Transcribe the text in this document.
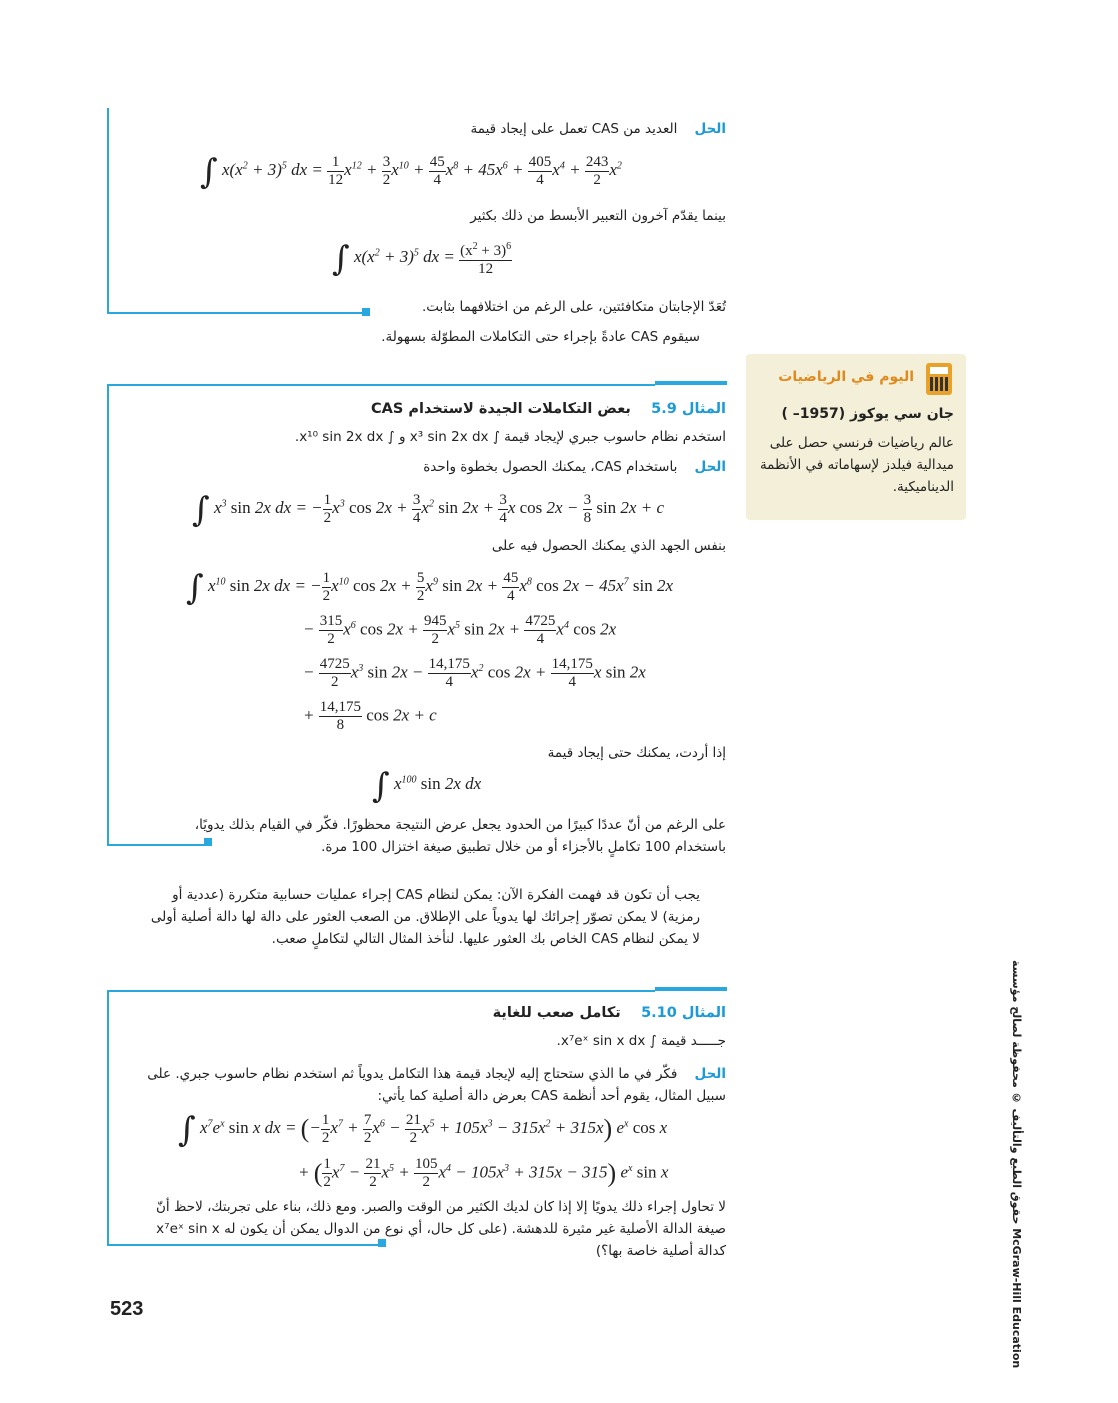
الحل    العديد من CAS تعمل على إيجاد قيمة
∫ $x(x^2 + 3)^5$ dx = $\frac{1}{12} x^{12} + \frac{3}{2} x^{10} + \frac{45}{4} x^8 + 45x^6 + \frac{405}{4} x^4 + \frac{243}{2} x^2$
بينما يقدّم آخرون التعبير الأبسط من ذلك بكثير
∫ $x(x^2 + 3)^5$ dx = $\frac{(x^2 + 3)^6}{12}$
تُعَدّ الإجابتان متكافئتين، على الرغم من اختلافهما بثابت.
سيقوم CAS عادةً بإجراء حتى التكاملات المطوّلة بسهولة.
اليوم في الرياضيات
جان سي يوكوز (1957– )
عالم رياضيات فرنسي حصل على ميدالية فيلدز لإسهاماته في الأنظمة الديناميكية.
المثال 5.9    بعض التكاملات الجيدة لاستخدام CAS
استخدم نظام حاسوب جبري لإيجاد قيمة ∫ x³ sin 2x dx و ∫ x¹⁰ sin 2x dx.
الحل    باستخدام CAS، يمكنك الحصول بخطوة واحدة
∫ $x^3$ sin 2x dx = − $\frac{1}{2} x^3$ $\cos 2x + \frac{3}{4} x^2$ $\sin 2x + \frac{3}{4}$ x $\cos 2x - \frac{3}{8}$ sin 2x + c
بنفس الجهد الذي يمكنك الحصول فيه على
∫ $x^{10}$ sin 2x dx = − $\frac{1}{2} x^{10}$ $\cos 2x + \frac{5}{2} x^9$ $\sin 2x + \frac{45}{4} x^8$ $\cos 2x - 45x^7$ sin 2x
− $\frac{315}{2} x^6$ $\cos 2x + \frac{945}{2} x^5$ $\sin 2x + \frac{4725}{4} x^4$ cos 2x
− $\frac{4725}{2} x^3$ $\sin 2x - \frac{14,175}{4} x^2$ $\cos 2x + \frac{14,175}{4}$ x sin 2x
+ $\frac{14,175}{8}$ cos 2x + c
إذا أردت، يمكنك حتى إيجاد قيمة
∫ $x^{100}$ sin 2x dx
على الرغم من أنّ عددًا كبيرًا من الحدود يجعل عرض النتيجة محظورًا. فكّر في القيام بذلك يدويًا، باستخدام 100 تكاملٍ بالأجزاء أو من خلال تطبيق صيغة اختزال 100 مرة.
يجب أن تكون قد فهمت الفكرة الآن: يمكن لنظام CAS إجراء عمليات حسابية متكررة (عددية أو رمزية) لا يمكن تصوّر إجرائك لها يدوياً على الإطلاق. من الصعب العثور على دالة لها دالة أصلية أولى لا يمكن لنظام CAS الخاص بك العثور عليها. لنأخذ المثال التالي لتكاملٍ صعب.
المثال 5.10    تكامل صعب للغاية
جـــــد قيمة ∫ x⁷eˣ sin x dx.
الحل    فكّر في ما الذي ستحتاج إليه لإيجاد قيمة هذا التكامل يدوياً ثم استخدم نظام حاسوب جبري. على سبيل المثال، يقوم أحد أنظمة CAS بعرض دالة أصلية كما يأتي:
∫ $x^7e^x$ sin x dx = (− $\frac{1}{2} x^7 + \frac{7}{2} x^6 - \frac{21}{2} x^5 + 105x^3 - 315x^2 + 315x$) $e^x$ cos x
+ ( $\frac{1}{2} x^7 - \frac{21}{2} x^5 + \frac{105}{2} x^4 - 105x^3 + 315x - 315$) $e^x$ sin x
لا تحاول إجراء ذلك يدويًا إلا إذا كان لديك الكثير من الوقت والصبر. ومع ذلك، بناء على تجربتك، لاحظ أنّ صيغة الدالة الأصلية غير مثيرة للدهشة. (على كل حال، أي نوع من الدوال يمكن أن يكون له x⁷eˣ sin x كدالة أصلية خاصة بها؟)
حقوق الطبع والتأليف © محفوظة لصالح مؤسسة McGraw-Hill Education
523
